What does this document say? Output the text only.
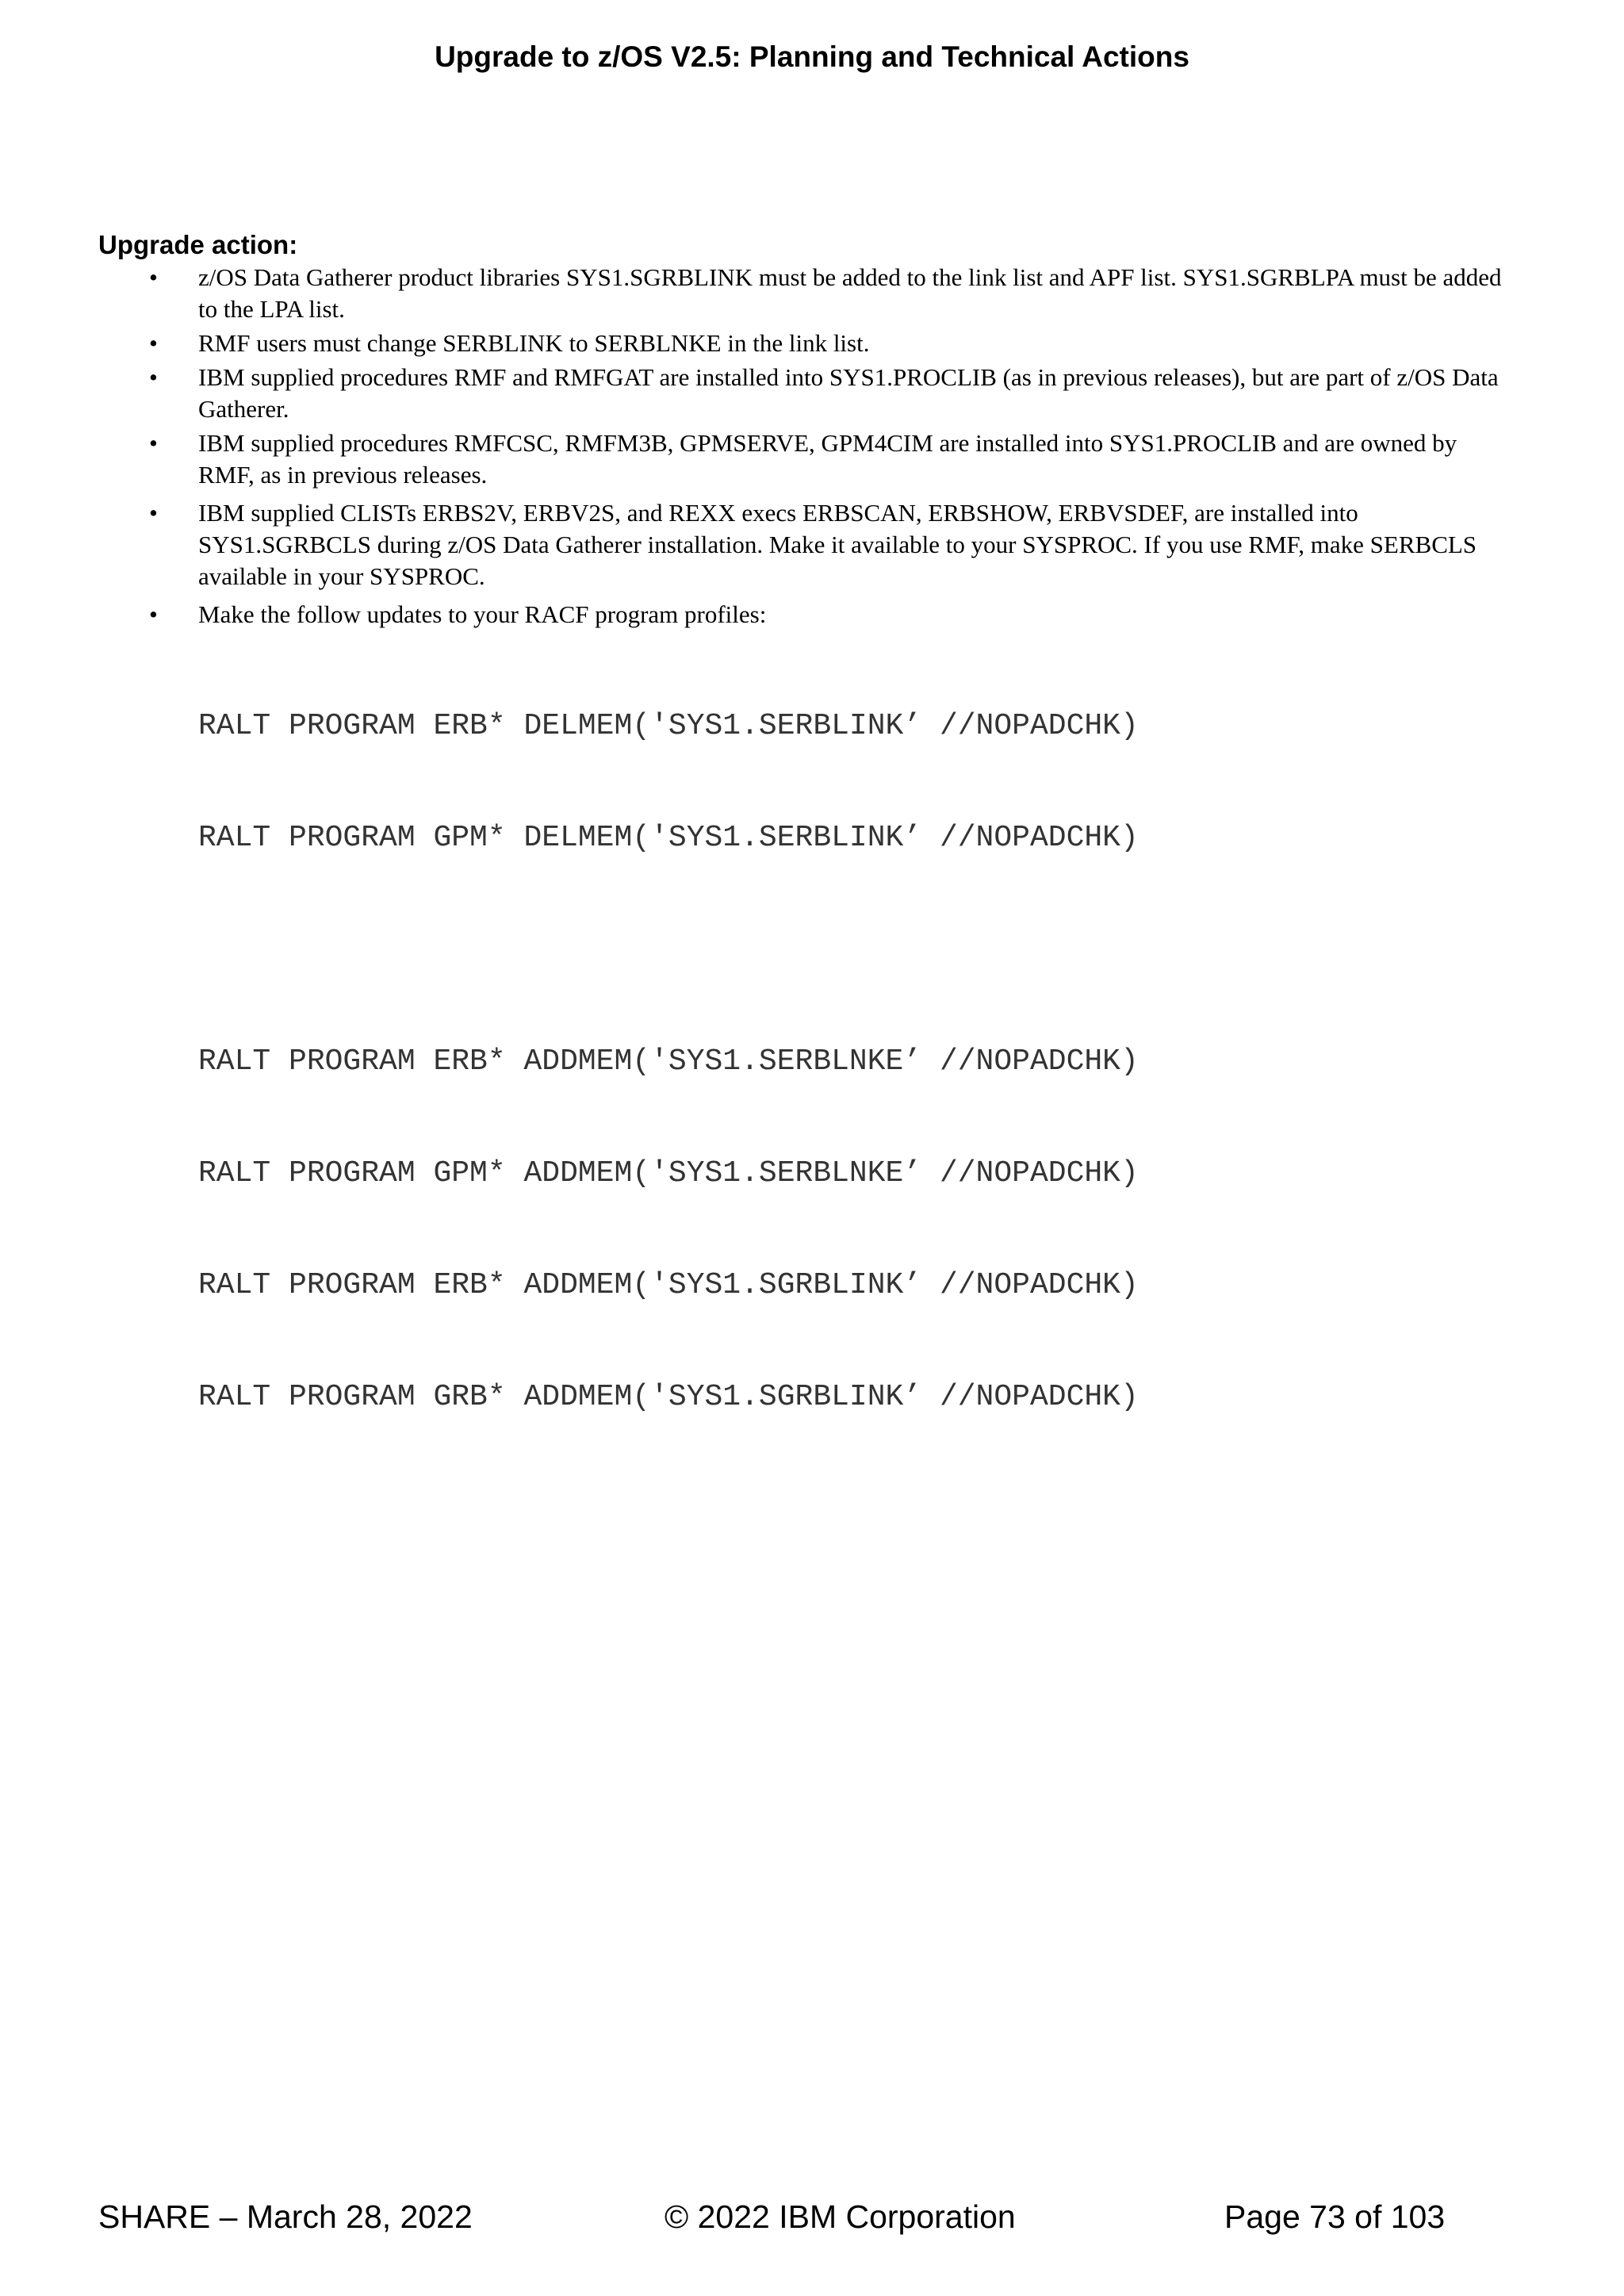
Upgrade to z/OS V2.5: Planning and Technical Actions

Upgrade action:

• z/OS Data Gatherer product libraries SYS1.SGRBLINK must be added to the link list and APF list. SYS1.SGRBLPA must be added to the LPA list.
• RMF users must change SERBLINK to SERBLNKE in the link list.
• IBM supplied procedures RMF and RMFGAT are installed into SYS1.PROCLIB (as in previous releases), but are part of z/OS Data Gatherer.
• IBM supplied procedures RMFCSC, RMFM3B, GPMSERVE, GPM4CIM are installed into SYS1.PROCLIB and are owned by RMF, as in previous releases.
• IBM supplied CLISTs ERBS2V, ERBV2S, and REXX execs ERBSCAN, ERBSHOW, ERBVSDEF, are installed into SYS1.SGRBCLS during z/OS Data Gatherer installation. Make it available to your SYSPROC. If you use RMF, make SERBCLS available in your SYSPROC.
• Make the follow updates to your RACF program profiles:

RALT PROGRAM ERB* DELMEM('SYS1.SERBLINK’ //NOPADCHK)

RALT PROGRAM GPM* DELMEM('SYS1.SERBLINK’ //NOPADCHK)

RALT PROGRAM ERB* ADDMEM('SYS1.SERBLNKE’ //NOPADCHK)

RALT PROGRAM GPM* ADDMEM('SYS1.SERBLNKE’ //NOPADCHK)

RALT PROGRAM ERB* ADDMEM('SYS1.SGRBLINK’ //NOPADCHK)

RALT PROGRAM GRB* ADDMEM('SYS1.SGRBLINK’ //NOPADCHK)

SHARE – March 28, 2022	© 2022 IBM Corporation	Page 73 of 103
